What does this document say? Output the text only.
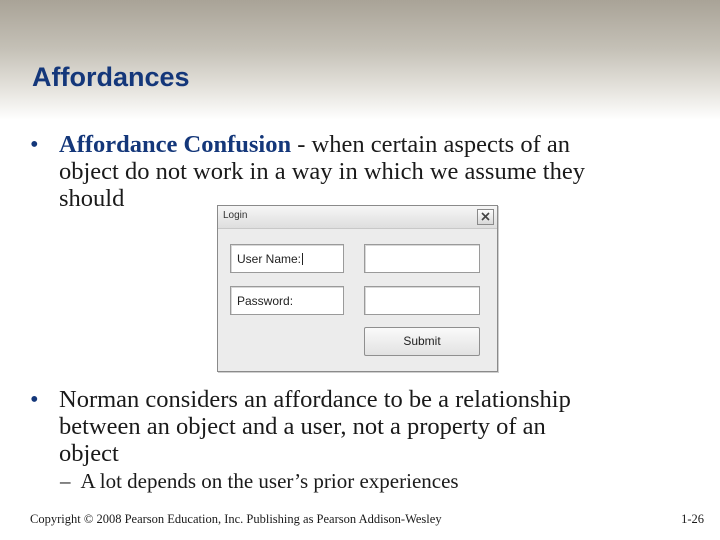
Affordances
• Affordance Confusion - when certain aspects of an
object do not work in a way in which we assume they
should
Login
User Name:
Password:
Submit
• Norman considers an affordance to be a relationship
between an object and a user, not a property of an
object
– A lot depends on the user’s prior experiences
Copyright © 2008 Pearson Education, Inc. Publishing as Pearson Addison-Wesley	1-26
